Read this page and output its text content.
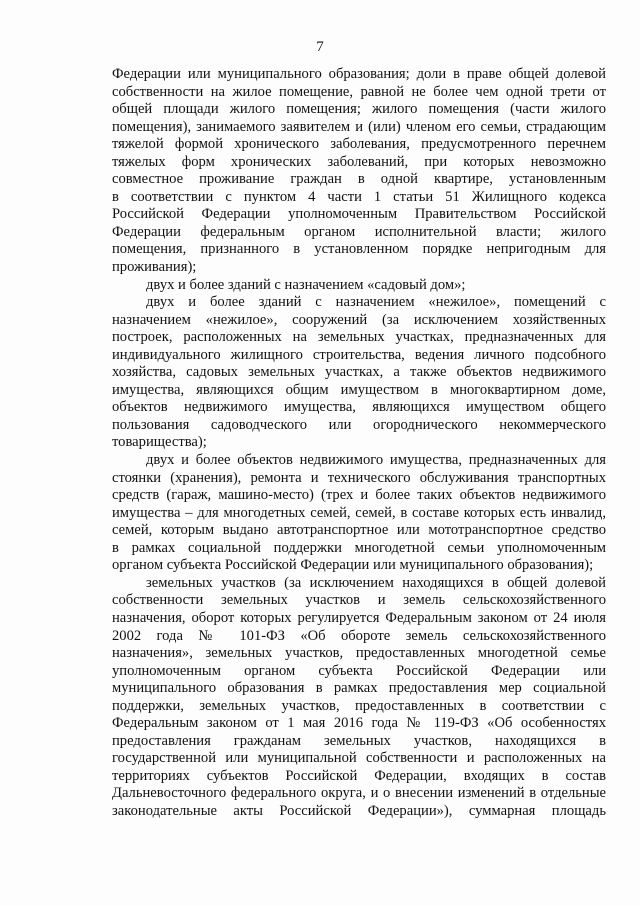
7
Федерации или муниципального образования; доли в праве общей долевой
собственности на жилое помещение, равной не более чем одной трети от
общей площади жилого помещения; жилого помещения (части жилого
помещения), занимаемого заявителем и (или) членом его семьи, страдающим
тяжелой формой хронического заболевания, предусмотренного перечнем
тяжелых форм хронических заболеваний, при которых невозможно
совместное проживание граждан в одной квартире, установленным
в соответствии с пунктом 4 части 1 статьи 51 Жилищного кодекса
Российской Федерации уполномоченным Правительством Российской
Федерации федеральным органом исполнительной власти; жилого
помещения, признанного в установленном порядке непригодным для
проживания);
двух и более зданий с назначением «садовый дом»;
двух и более зданий с назначением «нежилое», помещений с
назначением «нежилое», сооружений (за исключением хозяйственных
построек, расположенных на земельных участках, предназначенных для
индивидуального жилищного строительства, ведения личного подсобного
хозяйства, садовых земельных участках, а также объектов недвижимого
имущества, являющихся общим имуществом в многоквартирном доме,
объектов недвижимого имущества, являющихся имуществом общего
пользования садоводческого или огороднического некоммерческого
товарищества);
двух и более объектов недвижимого имущества, предназначенных для
стоянки (хранения), ремонта и технического обслуживания транспортных
средств (гараж, машино-место) (трех и более таких объектов недвижимого
имущества – для многодетных семей, семей, в составе которых есть инвалид,
семей, которым выдано автотранспортное или мототранспортное средство
в рамках социальной поддержки многодетной семьи уполномоченным
органом субъекта Российской Федерации или муниципального образования);
земельных участков (за исключением находящихся в общей долевой
собственности земельных участков и земель сельскохозяйственного
назначения, оборот которых регулируется Федеральным законом от 24 июля
2002 года № 101-ФЗ «Об обороте земель сельскохозяйственного
назначения», земельных участков, предоставленных многодетной семье
уполномоченным органом субъекта Российской Федерации или
муниципального образования в рамках предоставления мер социальной
поддержки, земельных участков, предоставленных в соответствии с
Федеральным законом от 1 мая 2016 года № 119-ФЗ «Об особенностях
предоставления гражданам земельных участков, находящихся в
государственной или муниципальной собственности и расположенных на
территориях субъектов Российской Федерации, входящих в состав
Дальневосточного федерального округа, и о внесении изменений в отдельные
законодательные акты Российской Федерации»), суммарная площадь
